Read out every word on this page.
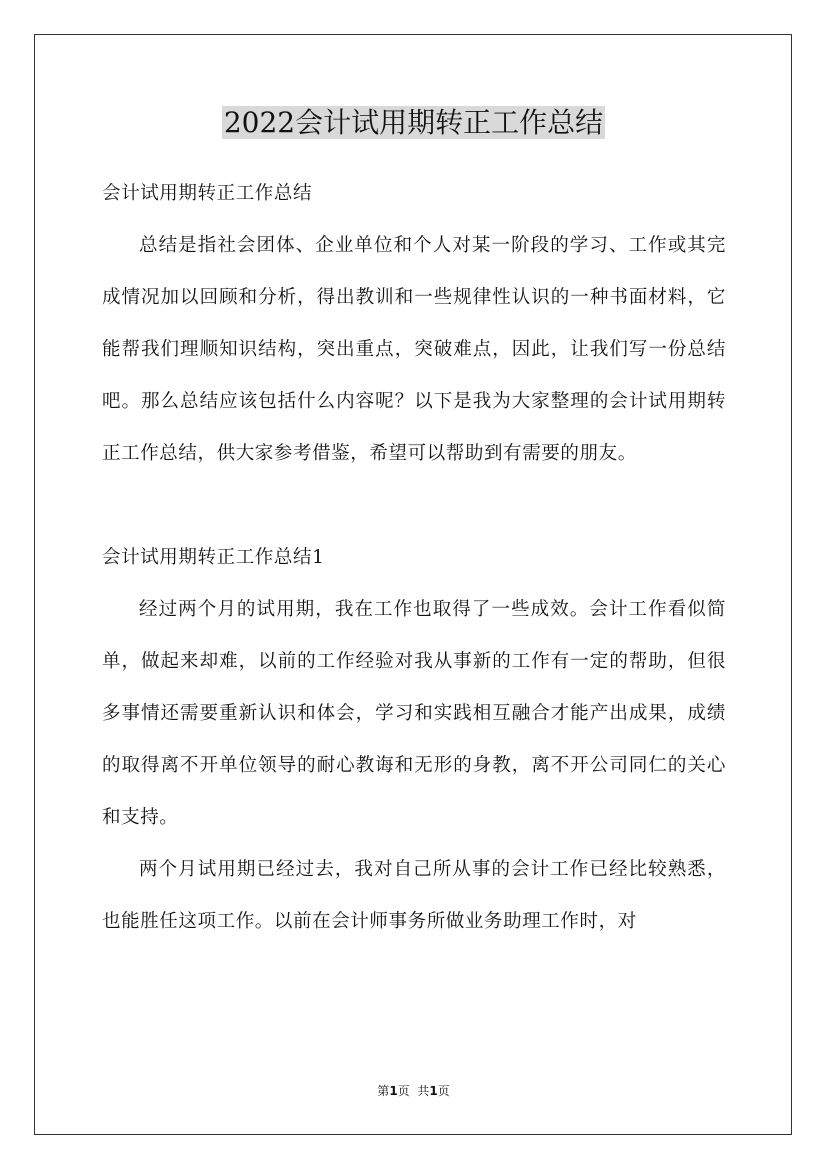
2022会计试用期转正工作总结

会计试用期转正工作总结

总结是指社会团体、企业单位和个人对某一阶段的学习、工作或其完成情况加以回顾和分析，得出教训和一些规律性认识的一种书面材料，它能帮我们理顺知识结构，突出重点，突破难点，因此，让我们写一份总结吧。那么总结应该包括什么内容呢？以下是我为大家整理的会计试用期转正工作总结，供大家参考借鉴，希望可以帮助到有需要的朋友。

会计试用期转正工作总结1

经过两个月的试用期，我在工作也取得了一些成效。会计工作看似简单，做起来却难，以前的工作经验对我从事新的工作有一定的帮助，但很多事情还需要重新认识和体会，学习和实践相互融合才能产出成果，成绩的取得离不开单位领导的耐心教诲和无形的身教，离不开公司同仁的关心和支持。

两个月试用期已经过去，我对自己所从事的会计工作已经比较熟悉，也能胜任这项工作。以前在会计师事务所做业务助理工作时，对

第1页  共1页
